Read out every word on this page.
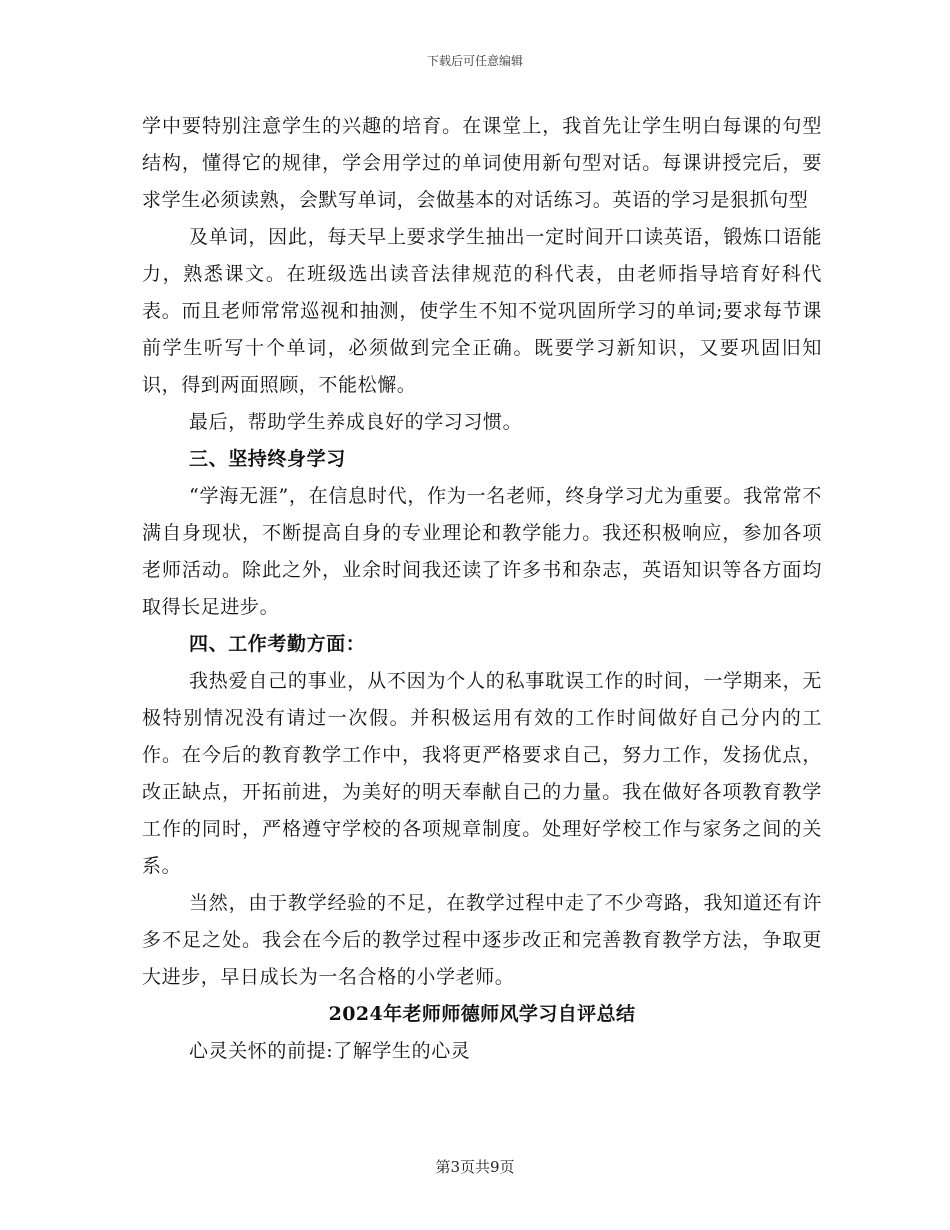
下载后可任意编辑

学中要特别注意学生的兴趣的培育。在课堂上，我首先让学生明白每课的句型结构，懂得它的规律，学会用学过的单词使用新句型对话。每课讲授完后，要求学生必须读熟，会默写单词，会做基本的对话练习。英语的学习是狠抓句型

及单词，因此，每天早上要求学生抽出一定时间开口读英语，锻炼口语能力，熟悉课文。在班级选出读音法律规范的科代表，由老师指导培育好科代表。而且老师常常巡视和抽测，使学生不知不觉巩固所学习的单词;要求每节课前学生听写十个单词，必须做到完全正确。既要学习新知识，又要巩固旧知识，得到两面照顾，不能松懈。

最后，帮助学生养成良好的学习习惯。

三、坚持终身学习

“学海无涯”，在信息时代，作为一名老师，终身学习尤为重要。我常常不满自身现状，不断提高自身的专业理论和教学能力。我还积极响应，参加各项老师活动。除此之外，业余时间我还读了许多书和杂志，英语知识等各方面均取得长足进步。

四、工作考勤方面：

我热爱自己的事业，从不因为个人的私事耽误工作的时间，一学期来，无极特别情况没有请过一次假。并积极运用有效的工作时间做好自己分内的工作。在今后的教育教学工作中，我将更严格要求自己，努力工作，发扬优点，改正缺点，开拓前进，为美好的明天奉献自己的力量。我在做好各项教育教学工作的同时，严格遵守学校的各项规章制度。处理好学校工作与家务之间的关系。

当然，由于教学经验的不足，在教学过程中走了不少弯路，我知道还有许多不足之处。我会在今后的教学过程中逐步改正和完善教育教学方法，争取更大进步，早日成长为一名合格的小学老师。

2024年老师师德师风学习自评总结

心灵关怀的前提:了解学生的心灵

第3页共9页
